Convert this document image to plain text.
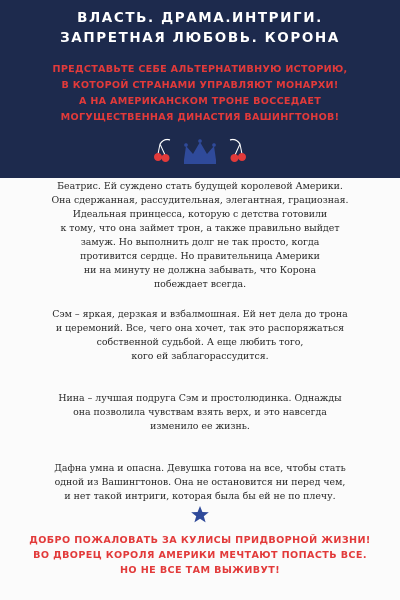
ВЛАСТЬ. ДРАМА.ИНТРИГИ.
ЗАПРЕТНАЯ ЛЮБОВЬ. КОРОНА
ПРЕДСТАВЬТЕ СЕБЕ АЛЬТЕРНАТИВНУЮ ИСТОРИЮ,
В КОТОРОЙ СТРАНАМИ УПРАВЛЯЮТ МОНАРХИ!
А НА АМЕРИКАНСКОМ ТРОНЕ ВОССЕДАЕТ
МОГУЩЕСТВЕННАЯ ДИНАСТИЯ ВАШИНГТОНОВ!
Беатрис. Ей суждено стать будущей королевой Америки.
Она сдержанная, рассудительная, элегантная, грациозная.
Идеальная принцесса, которую с детства готовили
к тому, что она займет трон, а также правильно выйдет
замуж. Но выполнить долг не так просто, когда
противится сердце. Но правительница Америки
ни на минуту не должна забывать, что Корона
побеждает всегда.
Сэм – яркая, дерзкая и взбалмошная. Ей нет дела до трона
и церемоний. Все, чего она хочет, так это распоряжаться
собственной судьбой. А еще любить того,
кого ей заблагорассудится.
Нина – лучшая подруга Сэм и простолюдинка. Однажды
она позволила чувствам взять верх, и это навсегда
изменило ее жизнь.
Дафна умна и опасна. Девушка готова на все, чтобы стать
одной из Вашингтонов. Она не остановится ни перед чем,
и нет такой интриги, которая была бы ей не по плечу.
ДОБРО ПОЖАЛОВАТЬ ЗА КУЛИСЫ ПРИДВОРНОЙ ЖИЗНИ!
ВО ДВОРЕЦ КОРОЛЯ АМЕРИКИ МЕЧТАЮТ ПОПАСТЬ ВСЕ.
НО НЕ ВСЕ ТАМ ВЫЖИВУТ!
